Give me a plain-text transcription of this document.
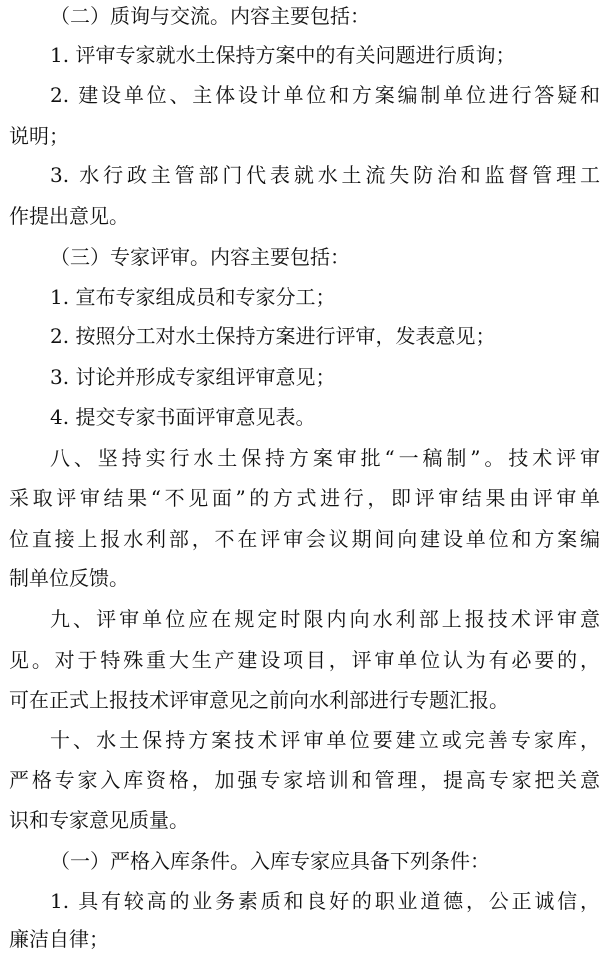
（二）质询与交流。内容主要包括：
1. 评审专家就水土保持方案中的有关问题进行质询；
2. 建设单位、主体设计单位和方案编制单位进行答疑和
说明；
3. 水行政主管部门代表就水土流失防治和监督管理工
作提出意见。
（三）专家评审。内容主要包括：
1. 宣布专家组成员和专家分工；
2. 按照分工对水土保持方案进行评审，发表意见；
3. 讨论并形成专家组评审意见；
4. 提交专家书面评审意见表。
八、坚持实行水土保持方案审批“一稿制”。技术评审
采取评审结果“不见面”的方式进行，即评审结果由评审单
位直接上报水利部，不在评审会议期间向建设单位和方案编
制单位反馈。
九、评审单位应在规定时限内向水利部上报技术评审意
见。对于特殊重大生产建设项目，评审单位认为有必要的，
可在正式上报技术评审意见之前向水利部进行专题汇报。
十、水土保持方案技术评审单位要建立或完善专家库，
严格专家入库资格，加强专家培训和管理，提高专家把关意
识和专家意见质量。
（一）严格入库条件。入库专家应具备下列条件：
1. 具有较高的业务素质和良好的职业道德，公正诚信，
廉洁自律；
